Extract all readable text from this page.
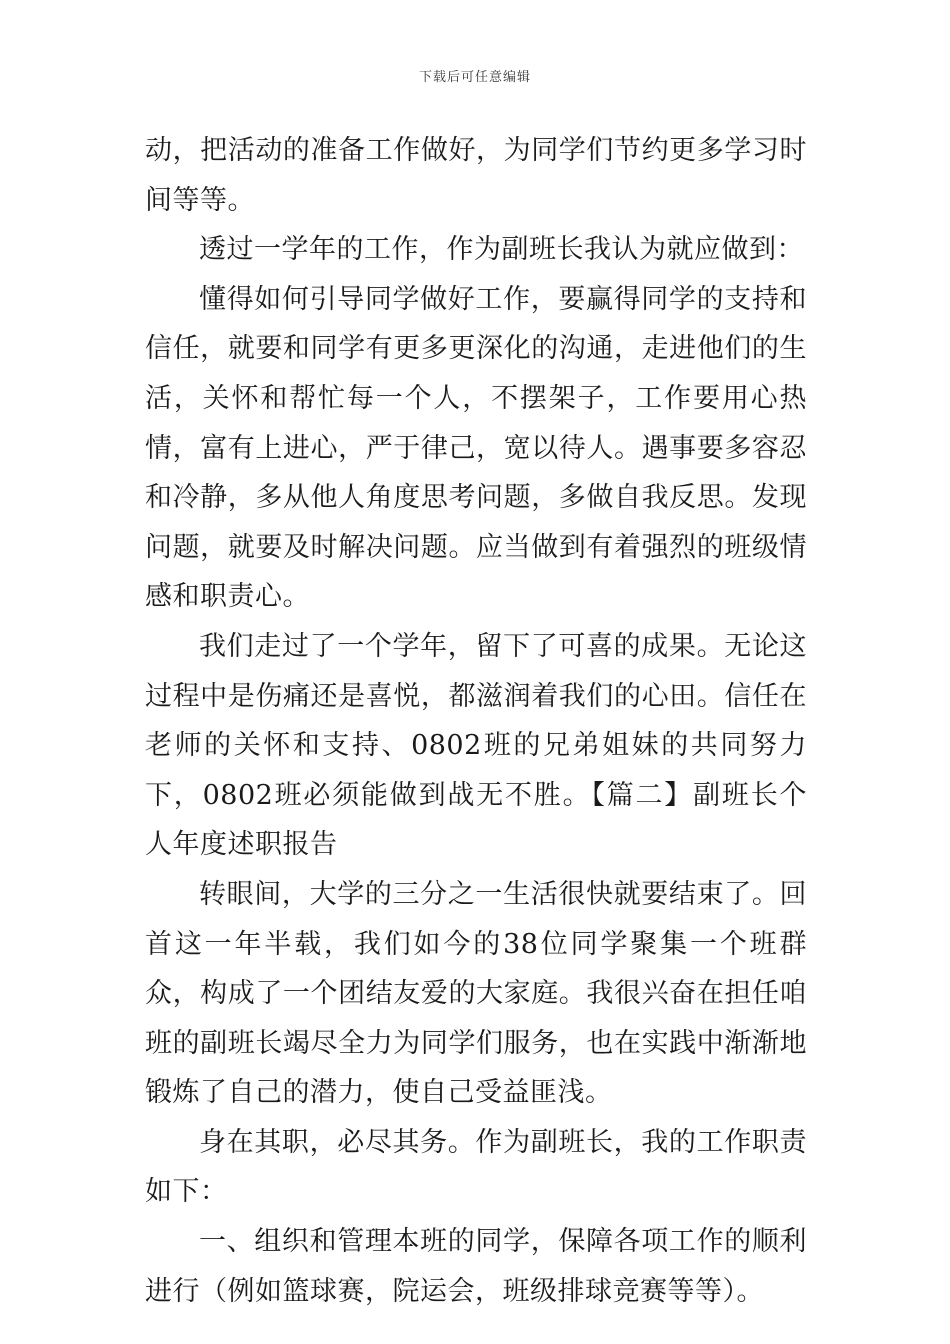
下载后可任意编辑

动，把活动的准备工作做好，为同学们节约更多学习时间等等。

透过一学年的工作，作为副班长我认为就应做到：

懂得如何引导同学做好工作，要赢得同学的支持和信任，就要和同学有更多更深化的沟通，走进他们的生活，关怀和帮忙每一个人，不摆架子，工作要用心热情，富有上进心，严于律己，宽以待人。遇事要多容忍和冷静，多从他人角度思考问题，多做自我反思。发现问题，就要及时解决问题。应当做到有着强烈的班级情感和职责心。

我们走过了一个学年，留下了可喜的成果。无论这过程中是伤痛还是喜悦，都滋润着我们的心田。信任在老师的关怀和支持、0802班的兄弟姐妹的共同努力下，0802班必须能做到战无不胜。【篇二】副班长个人年度述职报告

转眼间，大学的三分之一生活很快就要结束了。回首这一年半载，我们如今的38位同学聚集一个班群众，构成了一个团结友爱的大家庭。我很兴奋在担任咱班的副班长竭尽全力为同学们服务，也在实践中渐渐地锻炼了自己的潜力，使自己受益匪浅。

身在其职，必尽其务。作为副班长，我的工作职责如下：

一、组织和管理本班的同学，保障各项工作的顺利进行（例如篮球赛，院运会，班级排球竞赛等等）。
